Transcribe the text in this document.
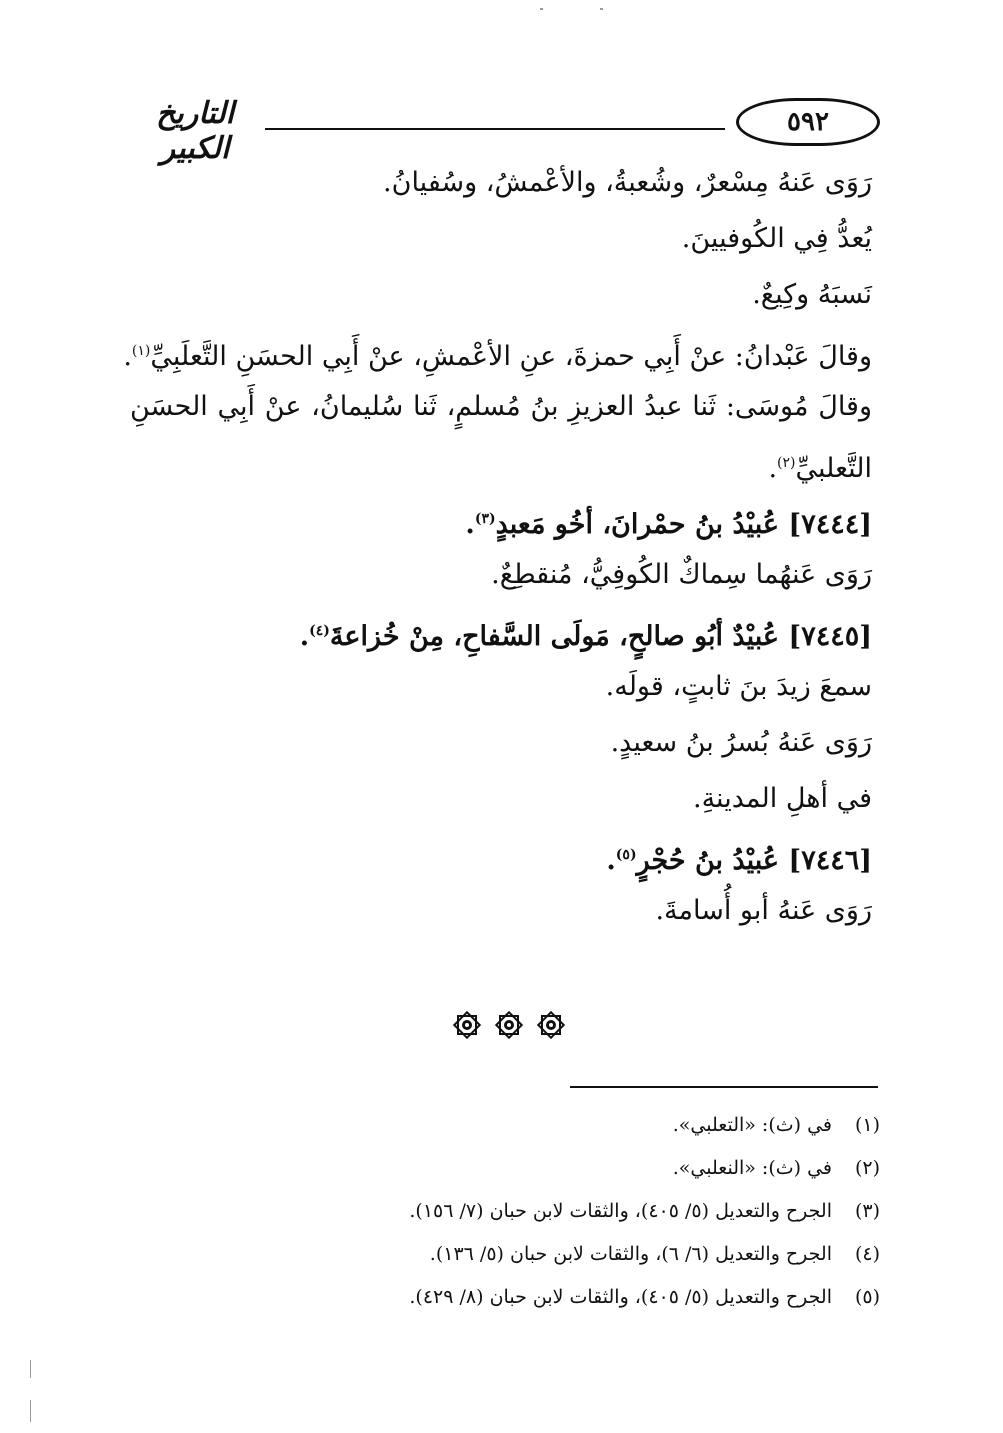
التاريخ الكبير
٥٩٢
رَوَى عَنهُ مِسْعرٌ، وشُعبةُ، والأعْمشُ، وسُفيانُ.
يُعدُّ فِي الكُوفيينَ.
نَسبَهُ وكِيعٌ.
وقالَ عَبْدانُ: عنْ أَبِي حمزةَ، عنِ الأعْمشِ، عنْ أَبِي الحسَنِ التَّعلَبِيِّ$^{(١)}$.
وقالَ مُوسَى: ثَنا عبدُ العزيزِ بنُ مُسلمٍ، ثَنا سُليمانُ، عنْ أَبِي الحسَنِ
التَّعلبيِّ$^{(٢)}$.
[٧٤٤٤] عُبيْدُ بنُ حمْرانَ، أخُو مَعبدٍ$^{(٣)}$.
رَوَى عَنهُما سِماكٌ الكُوفِيُّ، مُنقطِعٌ.
[٧٤٤٥] عُبيْدٌ أبُو صالحٍ، مَولَى السَّفاحِ، مِنْ خُزاعةَ$^{(٤)}$.
سمعَ زيدَ بنَ ثابتٍ، قولَه.
رَوَى عَنهُ بُسرُ بنُ سعيدٍ.
في أهلِ المدينةِ.
[٧٤٤٦] عُبيْدُ بنُ حُجْرٍ$^{(٥)}$.
رَوَى عَنهُ أبو أُسامةَ.
(١)في (ث): «التعلبي».
(٢)في (ث): «النعلبي».
(٣)الجرح والتعديل (٥/ ٤٠٥)، والثقات لابن حبان (٧/ ١٥٦).
(٤)الجرح والتعديل (٦/ ٦)، والثقات لابن حبان (٥/ ١٣٦).
(٥)الجرح والتعديل (٥/ ٤٠٥)، والثقات لابن حبان (٨/ ٤٢٩).
